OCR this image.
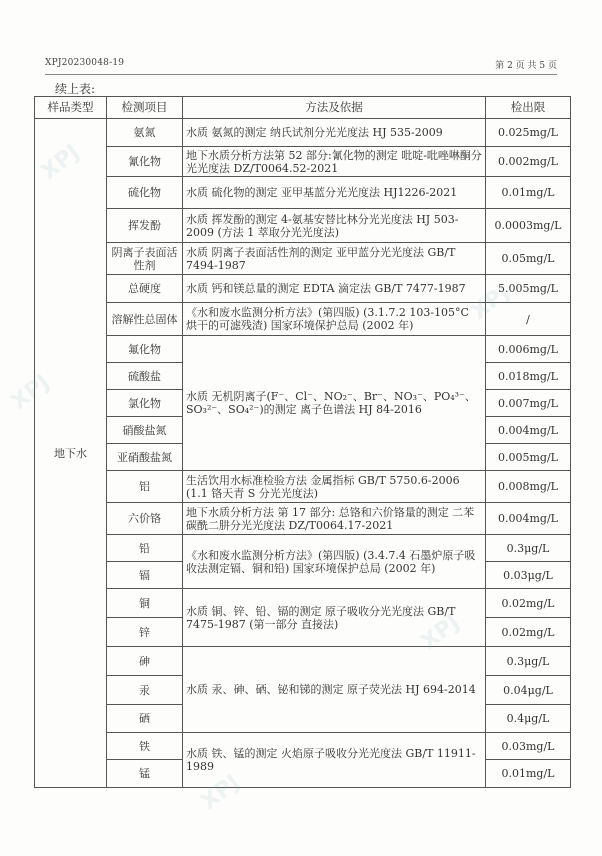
XPJ20230048-19	第 2 页 共 5 页
续上表:
样品类型	检测项目	方法及依据	检出限
地下水	氨氮	水质 氨氮的测定 纳氏试剂分光光度法 HJ 535-2009	0.025mg/L
	氰化物	地下水质分析方法第 52 部分:氰化物的测定 吡啶-吡唑啉酮分光光度法 DZ/T0064.52-2021	0.002mg/L
	硫化物	水质 硫化物的测定 亚甲基蓝分光光度法 HJ1226-2021	0.01mg/L
	挥发酚	水质 挥发酚的测定 4-氨基安替比林分光光度法 HJ 503-2009 (方法 1 萃取分光光度法)	0.0003mg/L
	阴离子表面活性剂	水质 阴离子表面活性剂的测定 亚甲蓝分光光度法 GB/T 7494-1987	0.05mg/L
	总硬度	水质 钙和镁总量的测定 EDTA 滴定法 GB/T 7477-1987	5.005mg/L
	溶解性总固体	《水和废水监测分析方法》(第四版) (3.1.7.2 103-105°C 烘干的可滤残渣) 国家环境保护总局 (2002 年)	/
	氟化物	水质 无机阴离子(F⁻、Cl⁻、NO₂⁻、Br⁻、NO₃⁻、PO₄³⁻、SO₃²⁻、SO₄²⁻)的测定 离子色谱法 HJ 84-2016	0.006mg/L
	硫酸盐		0.018mg/L
	氯化物		0.007mg/L
	硝酸盐氮		0.004mg/L
	亚硝酸盐氮		0.005mg/L
	铝	生活饮用水标准检验方法 金属指标 GB/T 5750.6-2006 (1.1 铬天青 S 分光光度法)	0.008mg/L
	六价铬	地下水质分析方法 第 17 部分: 总铬和六价铬量的测定 二苯碳酰二肼分光光度法 DZ/T0064.17-2021	0.004mg/L
	铅	《水和废水监测分析方法》(第四版) (3.4.7.4 石墨炉原子吸收法测定镉、铜和铅) 国家环境保护总局 (2002 年)	0.3μg/L
	镉		0.03μg/L
	铜	水质 铜、锌、铅、镉的测定 原子吸收分光光度法 GB/T 7475-1987 (第一部分 直接法)	0.02mg/L
	锌		0.02mg/L
	砷	水质 汞、砷、硒、铋和锑的测定 原子荧光法 HJ 694-2014	0.3μg/L
	汞		0.04μg/L
	硒		0.4μg/L
	铁	水质 铁、锰的测定 火焰原子吸收分光光度法 GB/T 11911-1989	0.03mg/L
	锰		0.01mg/L
XPJ
XPJ
XPJ
XPJ
XPJ
